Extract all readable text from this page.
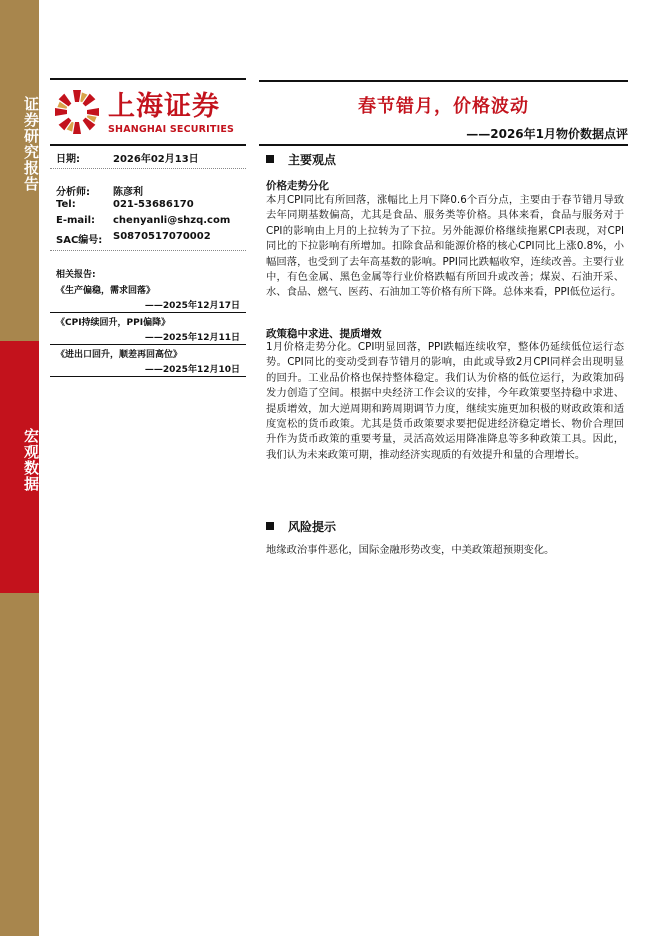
证券研究报告
宏观数据
上海证券
SHANGHAI SECURITIES
春节错月，价格波动
——2026年1月物价数据点评
日期:	2026年02月13日
分析师: 陈彦利
Tel:	021-53686170
E-mail: chenyanli@shzq.com
SAC编号: S0870517070002
相关报告:
《生产偏稳，需求回落》
——2025年12月17日
《CPI持续回升，PPI偏降》
——2025年12月11日
《进出口回升，顺差再回高位》
——2025年12月10日
主要观点
价格走势分化
本月CPI同比有所回落，涨幅比上月下降0.6个百分点，主要由于春节错月导致去年同期基数偏高，尤其是食品、服务类等价格。具体来看，食品与服务对于CPI的影响由上月的上拉转为了下拉。另外能源价格继续拖累CPI表现，对CPI同比的下拉影响有所增加。扣除食品和能源价格的核心CPI同比上涨0.8%，小幅回落，也受到了去年高基数的影响。PPI同比跌幅收窄，连续改善。主要行业中，有色金属、黑色金属等行业价格跌幅有所回升或改善；煤炭、石油开采、水、食品、燃气、医药、石油加工等价格有所下降。总体来看，PPI低位运行。
政策稳中求进、提质增效
1月价格走势分化。CPI明显回落，PPI跌幅连续收窄，整体仍延续低位运行态势。CPI同比的变动受到春节错月的影响，由此或导致2月CPI同样会出现明显的回升。工业品价格也保持整体稳定。我们认为价格的低位运行，为政策加码发力创造了空间。根据中央经济工作会议的安排，今年政策要坚持稳中求进、提质增效，加大逆周期和跨周期调节力度，继续实施更加积极的财政政策和适度宽松的货币政策。尤其是货币政策要求要把促进经济稳定增长、物价合理回升作为货币政策的重要考量，灵活高效运用降准降息等多种政策工具。因此，我们认为未来政策可期，推动经济实现质的有效提升和量的合理增长。
风险提示
地缘政治事件恶化，国际金融形势改变，中美政策超预期变化。
